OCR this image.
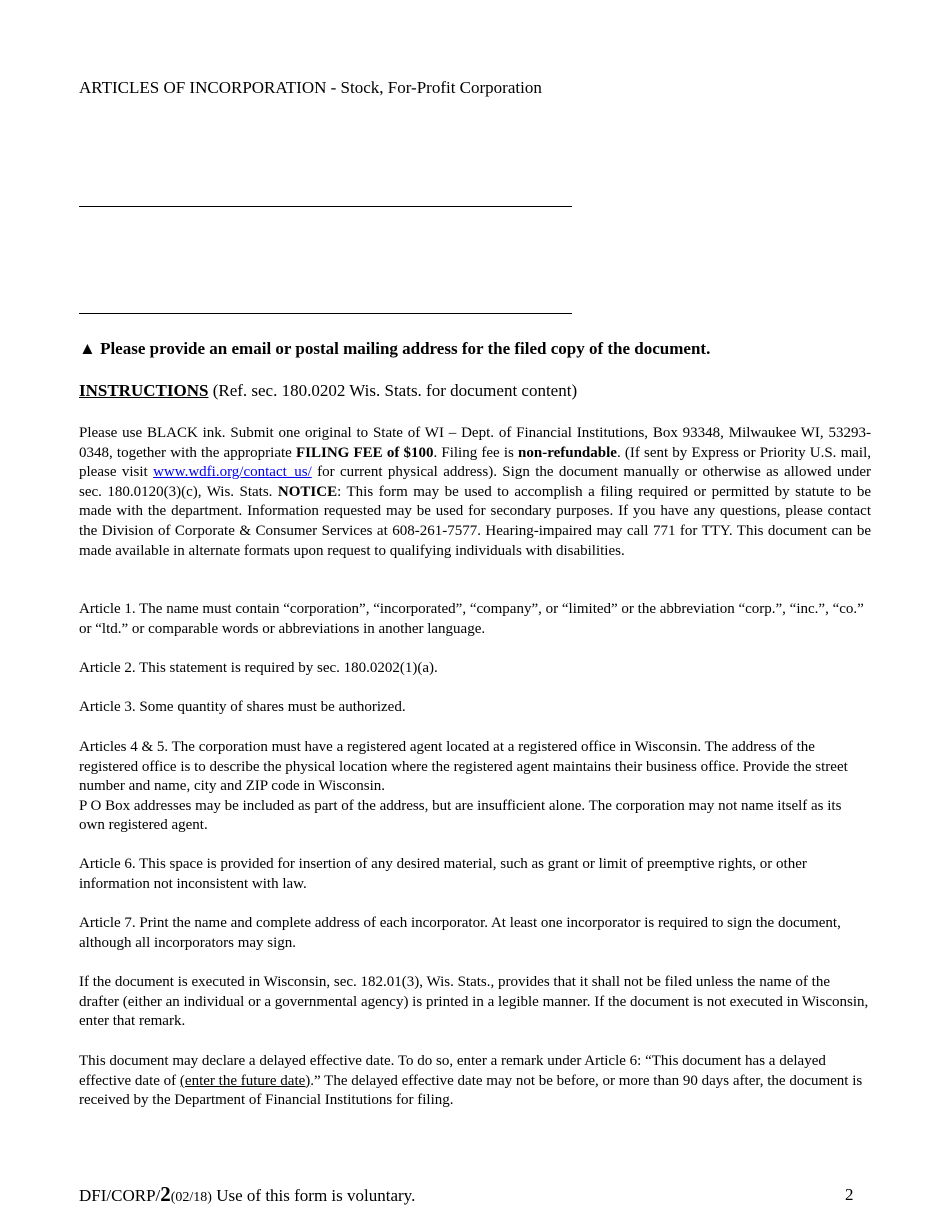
ARTICLES OF INCORPORATION - Stock, For-Profit Corporation
▲ Please provide an email or postal mailing address for the filed copy of the document.
INSTRUCTIONS (Ref. sec. 180.0202 Wis. Stats. for document content)
Please use BLACK ink. Submit one original to State of WI – Dept. of Financial Institutions, Box 93348, Milwaukee WI, 53293-0348, together with the appropriate FILING FEE of $100. Filing fee is non-refundable. (If sent by Express or Priority U.S. mail, please visit www.wdfi.org/contact_us/ for current physical address). Sign the document manually or otherwise as allowed under sec. 180.0120(3)(c), Wis. Stats. NOTICE: This form may be used to accomplish a filing required or permitted by statute to be made with the department. Information requested may be used for secondary purposes. If you have any questions, please contact the Division of Corporate & Consumer Services at 608-261-7577. Hearing-impaired may call 771 for TTY. This document can be made available in alternate formats upon request to qualifying individuals with disabilities.
Article 1. The name must contain “corporation”, “incorporated”, “company”, or “limited” or the abbreviation “corp.”, “inc.”, “co.” or “ltd.” or comparable words or abbreviations in another language.
Article 2. This statement is required by sec. 180.0202(1)(a).
Article 3. Some quantity of shares must be authorized.
Articles 4 & 5. The corporation must have a registered agent located at a registered office in Wisconsin. The address of the registered office is to describe the physical location where the registered agent maintains their business office. Provide the street number and name, city and ZIP code in Wisconsin.
P O Box addresses may be included as part of the address, but are insufficient alone. The corporation may not name itself as its own registered agent.
Article 6. This space is provided for insertion of any desired material, such as grant or limit of preemptive rights, or other information not inconsistent with law.
Article 7. Print the name and complete address of each incorporator. At least one incorporator is required to sign the document, although all incorporators may sign.
If the document is executed in Wisconsin, sec. 182.01(3), Wis. Stats., provides that it shall not be filed unless the name of the drafter (either an individual or a governmental agency) is printed in a legible manner. If the document is not executed in Wisconsin, enter that remark.
This document may declare a delayed effective date. To do so, enter a remark under Article 6: “This document has a delayed effective date of (enter the future date).” The delayed effective date may not be before, or more than 90 days after, the document is received by the Department of Financial Institutions for filing.
DFI/CORP/2(02/18) Use of this form is voluntary.	2
